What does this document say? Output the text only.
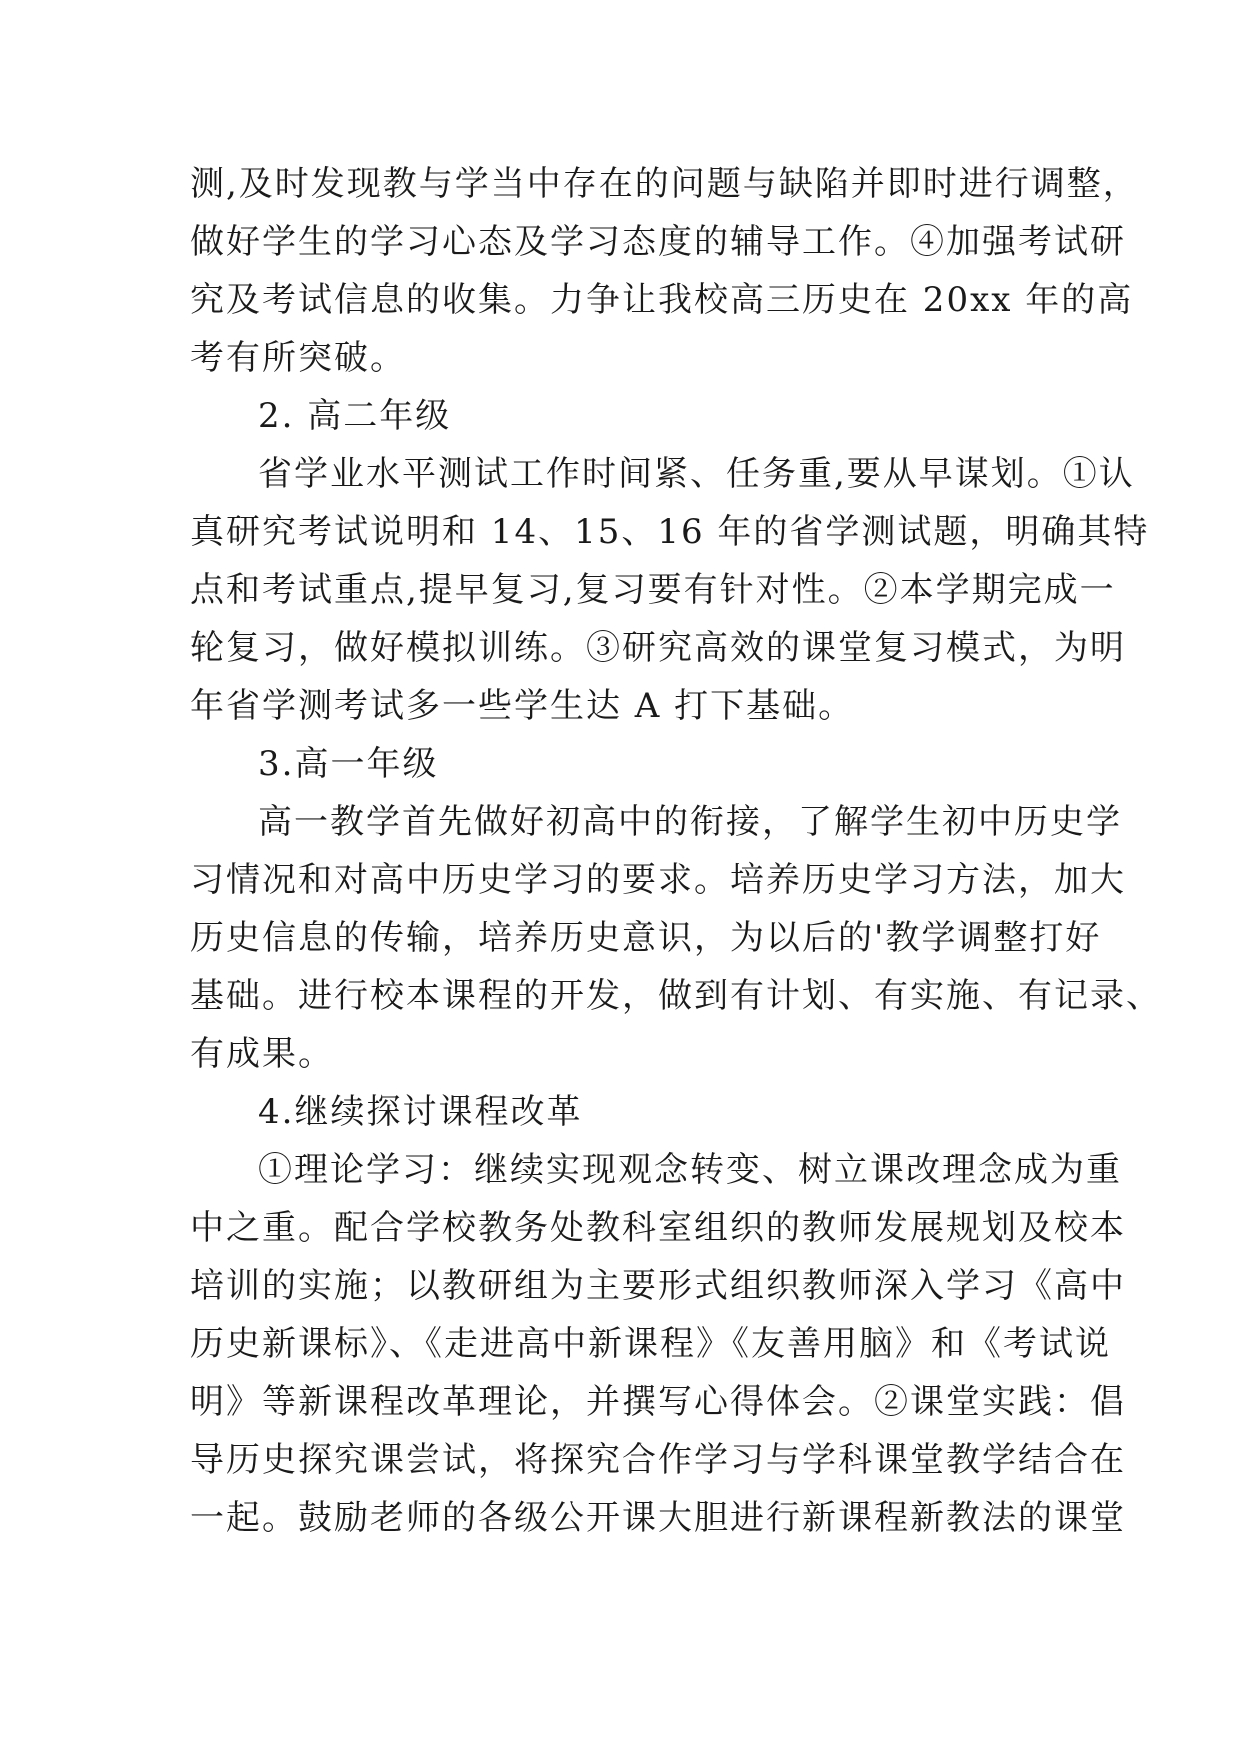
测,及时发现教与学当中存在的问题与缺陷并即时进行调整，
做好学生的学习心态及学习态度的辅导工作。④加强考试研
究及考试信息的收集。力争让我校高三历史在 20xx 年的高
考有所突破。
2. 高二年级
省学业水平测试工作时间紧、任务重,要从早谋划。①认
真研究考试说明和 14、15、16 年的省学测试题，明确其特
点和考试重点,提早复习,复习要有针对性。②本学期完成一
轮复习，做好模拟训练。③研究高效的课堂复习模式，为明
年省学测考试多一些学生达 A 打下基础。
3.高一年级
高一教学首先做好初高中的衔接，了解学生初中历史学
习情况和对高中历史学习的要求。培养历史学习方法，加大
历史信息的传输，培养历史意识，为以后的'教学调整打好
基础。进行校本课程的开发，做到有计划、有实施、有记录、
有成果。
4.继续探讨课程改革
①理论学习：继续实现观念转变、树立课改理念成为重
中之重。配合学校教务处教科室组织的教师发展规划及校本
培训的实施；以教研组为主要形式组织教师深入学习《高中
历史新课标》、《走进高中新课程》《友善用脑》和《考试说
明》等新课程改革理论，并撰写心得体会。②课堂实践：倡
导历史探究课尝试，将探究合作学习与学科课堂教学结合在
一起。鼓励老师的各级公开课大胆进行新课程新教法的课堂
